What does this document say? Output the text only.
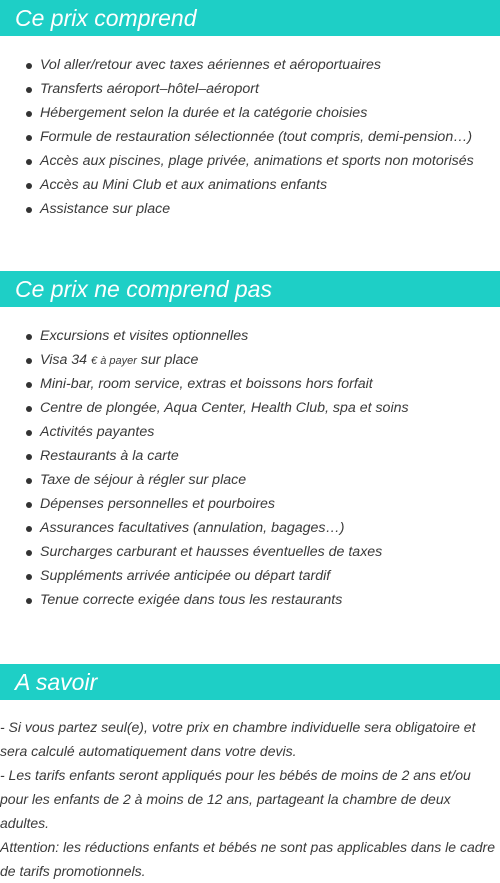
Ce prix comprend
Vol aller/retour avec taxes aériennes et aéroportuaires
Transferts aéroport–hôtel–aéroport
Hébergement selon la durée et la catégorie choisies
Formule de restauration sélectionnée (tout compris, demi-pension…)
Accès aux piscines, plage privée, animations et sports non motorisés
Accès au Mini Club et aux animations enfants
Assistance sur place
Ce prix ne comprend pas
Excursions et visites optionnelles
Visa 34 € à payer sur place
Mini-bar, room service, extras et boissons hors forfait
Centre de plongée, Aqua Center, Health Club, spa et soins
Activités payantes
Restaurants à la carte
Taxe de séjour à régler sur place
Dépenses personnelles et pourboires
Assurances facultatives (annulation, bagages…)
Surcharges carburant et hausses éventuelles de taxes
Suppléments arrivée anticipée ou départ tardif
Tenue correcte exigée dans tous les restaurants
A savoir

- Si vous partez seul(e), votre prix en chambre individuelle sera obligatoire et sera calculé automatiquement dans votre devis.

- Les tarifs enfants seront appliqués pour les bébés de moins de 2 ans et/ou pour les enfants de 2 à moins de 12 ans, partageant la chambre de deux adultes.

Attention: les réductions enfants et bébés ne sont pas applicables dans le cadre de tarifs promotionnels.
